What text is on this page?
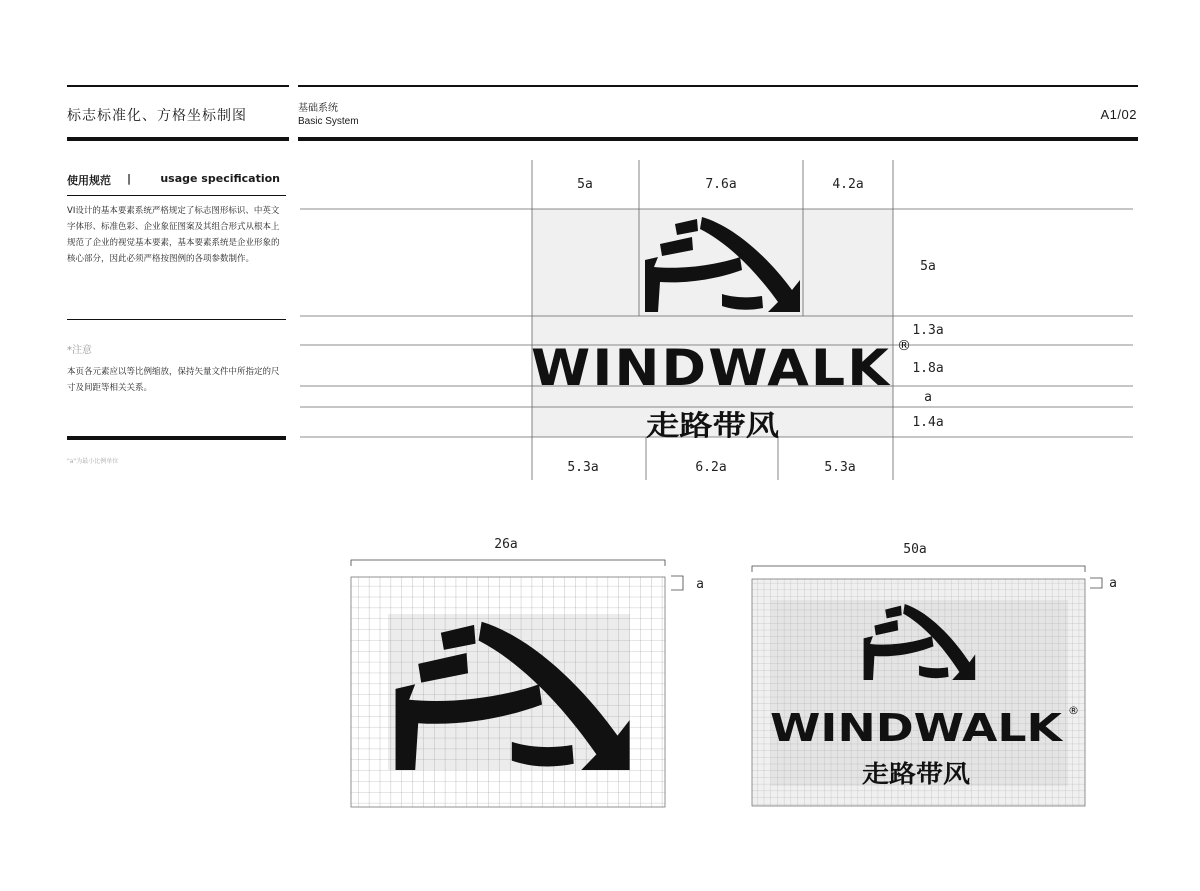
标志标准化、方格坐标制图	基础系统
Basic System	A1/02
使用规范 |	usage specification
VI设计的基本要素系统严格规定了标志图形标识、中英文字体形、标准色彩、企业象征图案及其组合形式从根本上规范了企业的视觉基本要素，基本要素系统是企业形象的核心部分，因此必须严格按图例的各项参数制作。
*注意
本页各元素应以等比例缩放，保持矢量文件中所指定的尺寸及间距等相关关系。
"a"为最小比例单位
WINDWALK ®
走路带风
5a	7.6a	4.2a
5a
1.3a
1.8a
a
1.4a
5.3a	6.2a	5.3a
26a
a
50a
WINDWALK ®
走路带风
a
